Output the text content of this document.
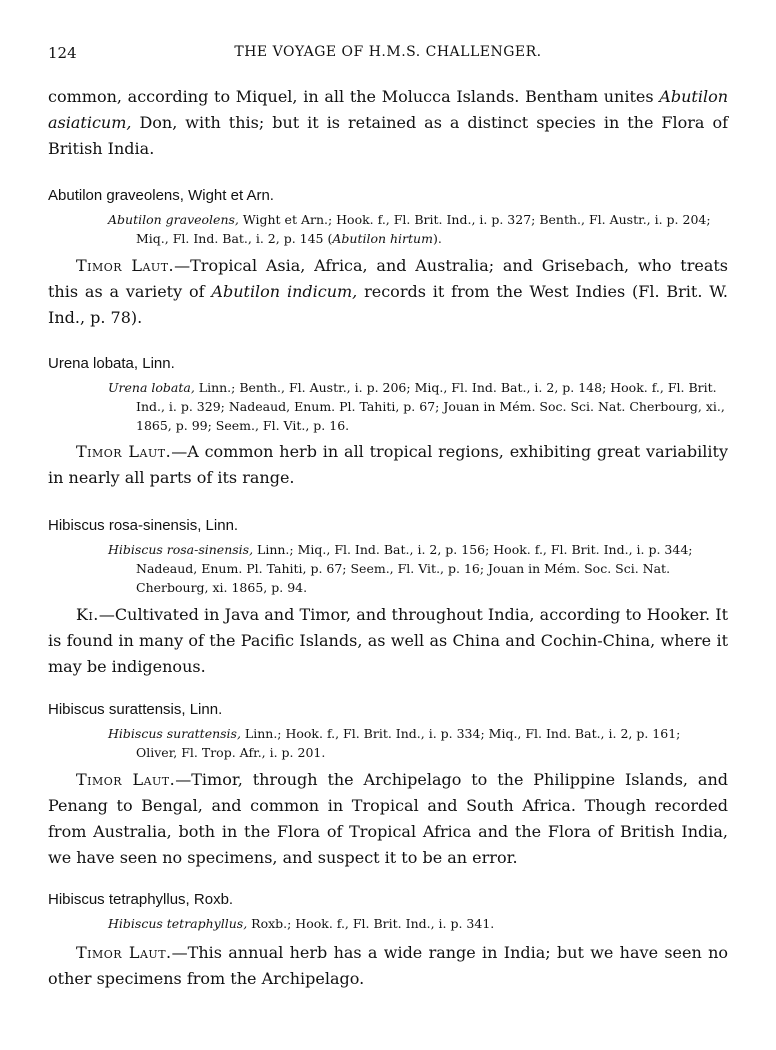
124	THE VOYAGE OF H.M.S. CHALLENGER.

common, according to Miquel, in all the Molucca Islands. Bentham unites Abutilon asiaticum, Don, with this; but it is retained as a distinct species in the Flora of British India.

Abutilon graveolens, Wight et Arn.

Abutilon graveolens, Wight et Arn.; Hook. f., Fl. Brit. Ind., i. p. 327; Benth., Fl. Austr., i. p. 204;
Miq., Fl. Ind. Bat., i. 2, p. 145 (Abutilon hirtum).

Timor Laut.—Tropical Asia, Africa, and Australia; and Grisebach, who treats this as a variety of Abutilon indicum, records it from the West Indies (Fl. Brit. W. Ind., p. 78).

Urena lobata, Linn.

Urena lobata, Linn.; Benth., Fl. Austr., i. p. 206; Miq., Fl. Ind. Bat., i. 2, p. 148; Hook. f., Fl. Brit.
Ind., i. p. 329; Nadeaud, Enum. Pl. Tahiti, p. 67; Jouan in Mém. Soc. Sci. Nat. Cherbourg, xi., 1865, p. 99; Seem., Fl. Vit., p. 16.

Timor Laut.—A common herb in all tropical regions, exhibiting great variability in nearly all parts of its range.

Hibiscus rosa-sinensis, Linn.

Hibiscus rosa-sinensis, Linn.; Miq., Fl. Ind. Bat., i. 2, p. 156; Hook. f., Fl. Brit. Ind., i. p. 344;
Nadeaud, Enum. Pl. Tahiti, p. 67; Seem., Fl. Vit., p. 16; Jouan in Mém. Soc. Sci. Nat. Cherbourg, xi. 1865, p. 94.

Ki.—Cultivated in Java and Timor, and throughout India, according to Hooker. It is found in many of the Pacific Islands, as well as China and Cochin-China, where it may be indigenous.

Hibiscus surattensis, Linn.

Hibiscus surattensis, Linn.; Hook. f., Fl. Brit. Ind., i. p. 334; Miq., Fl. Ind. Bat., i. 2, p. 161;
Oliver, Fl. Trop. Afr., i. p. 201.

Timor Laut.—Timor, through the Archipelago to the Philippine Islands, and Penang to Bengal, and common in Tropical and South Africa. Though recorded from Australia, both in the Flora of Tropical Africa and the Flora of British India, we have seen no specimens, and suspect it to be an error.

Hibiscus tetraphyllus, Roxb.

Hibiscus tetraphyllus, Roxb.; Hook. f., Fl. Brit. Ind., i. p. 341.

Timor Laut.—This annual herb has a wide range in India; but we have seen no other specimens from the Archipelago.
